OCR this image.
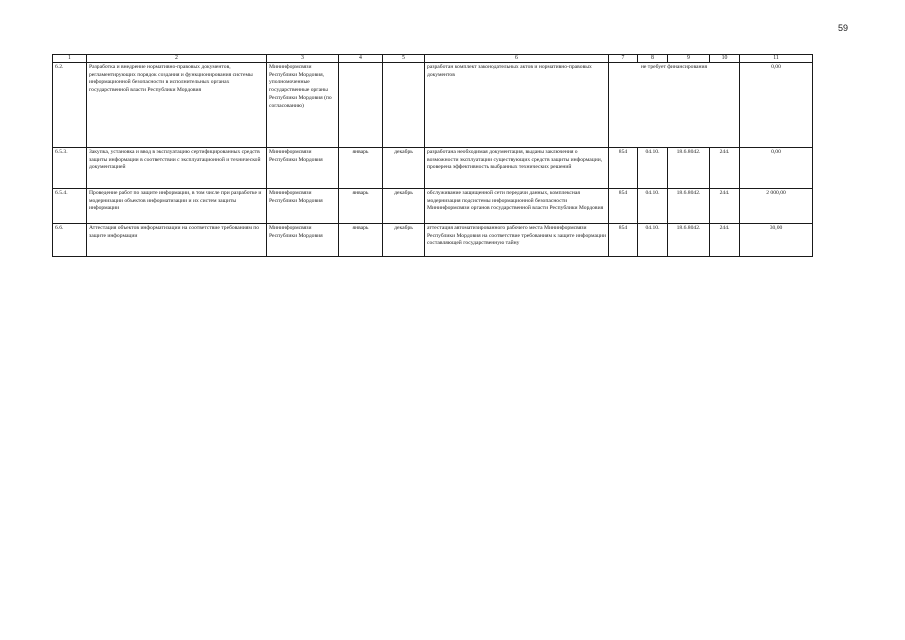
59
1	2	3	4	5	6	7	8	9	10	11
6.2.	Разработка и внедрение нормативно-правовых документов, регламентирующих порядок создания и функционирования системы информационной безопасности в исполнительных органах государственной власти Республики Мордовия	Мининформсвязи Республики Мордовия, уполномоченные государственные органы Республики Мордовия (по согласованию)			разработан комплект законодательных актов и нормативно-правовых документов	не требует финансирования				0,00
6.5.3.	Закупка, установка и ввод в эксплуатацию сертифицированных средств защиты информации в соответствии с эксплуатационной и технической документацией	Мининформсвязи Республики Мордовия	январь	декабрь	разработана необходимая документация, выданы заключения о возможности эксплуатации существующих средств защиты информации, проверена эффективность выбранных технических решений	854	04.10.	18.6.8042.	244.	0,00
6.5.4.	Проведение работ по защите информации, в том числе при разработке и модернизации объектов информатизации и их систем защиты информации	Мининформсвязи Республики Мордовия	январь	декабрь	обслуживание защищенной сети передачи данных, комплексная модернизация подсистемы информационной безопасности Мининформсвязи органов государственной власти Республики Мордовия	854	04.10.	18.6.8042.	244.	2 000,00
6.6.	Аттестация объектов информатизации на соответствие требованиям по защите информации	Мининформсвязи Республики Мордовия	январь	декабрь	аттестация автоматизированного рабочего места Мининформсвязи Республики Мордовия на соответствие требованиям к защите информации составляющей государственную тайну	854	04.10.	18.6.8042.	244.	30,00
